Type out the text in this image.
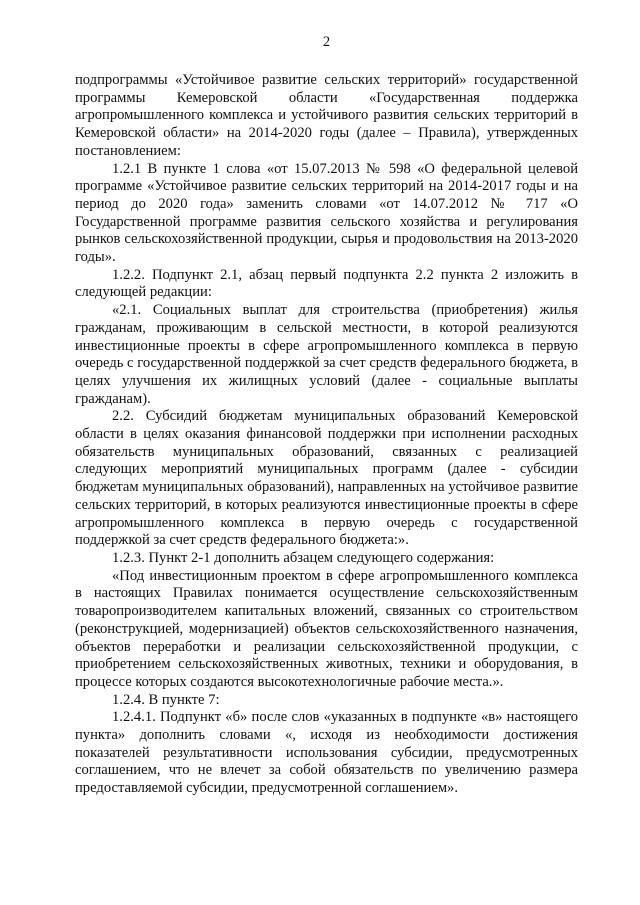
2

подпрограммы «Устойчивое развитие сельских территорий» государственной программы Кемеровской области «Государственная поддержка агропромышленного комплекса и устойчивого развития сельских территорий в Кемеровской области» на 2014-2020 годы (далее – Правила), утвержденных постановлением:

1.2.1 В пункте 1 слова «от 15.07.2013 № 598 «О федеральной целевой программе «Устойчивое развитие сельских территорий на 2014-2017 годы и на период до 2020 года» заменить словами «от 14.07.2012 № 717 «О Государственной программе развития сельского хозяйства и регулирования рынков сельскохозяйственной продукции, сырья и продовольствия на 2013-2020 годы».

1.2.2. Подпункт 2.1, абзац первый подпункта 2.2 пункта 2 изложить в следующей редакции:

«2.1. Социальных выплат для строительства (приобретения) жилья гражданам, проживающим в сельской местности, в которой реализуются инвестиционные проекты в сфере агропромышленного комплекса в первую очередь с государственной поддержкой за счет средств федерального бюджета, в целях улучшения их жилищных условий (далее - социальные выплаты гражданам).

2.2. Субсидий бюджетам муниципальных образований Кемеровской области в целях оказания финансовой поддержки при исполнении расходных обязательств муниципальных образований, связанных с реализацией следующих мероприятий муниципальных программ (далее - субсидии бюджетам муниципальных образований), направленных на устойчивое развитие сельских территорий, в которых реализуются инвестиционные проекты в сфере агропромышленного комплекса в первую очередь с государственной поддержкой за счет средств федерального бюджета:».

1.2.3. Пункт 2-1 дополнить абзацем следующего содержания:

«Под инвестиционным проектом в сфере агропромышленного комплекса в настоящих Правилах понимается осуществление сельскохозяйственным товаропроизводителем капитальных вложений, связанных со строительством (реконструкцией, модернизацией) объектов сельскохозяйственного назначения, объектов переработки и реализации сельскохозяйственной продукции, с приобретением сельскохозяйственных животных, техники и оборудования, в процессе которых создаются высокотехнологичные рабочие места.».

1.2.4. В пункте 7:

1.2.4.1. Подпункт «б» после слов «указанных в подпункте «в» настоящего пункта» дополнить словами «, исходя из необходимости достижения показателей результативности использования субсидии, предусмотренных соглашением, что не влечет за собой обязательств по увеличению размера предоставляемой субсидии, предусмотренной соглашением».
